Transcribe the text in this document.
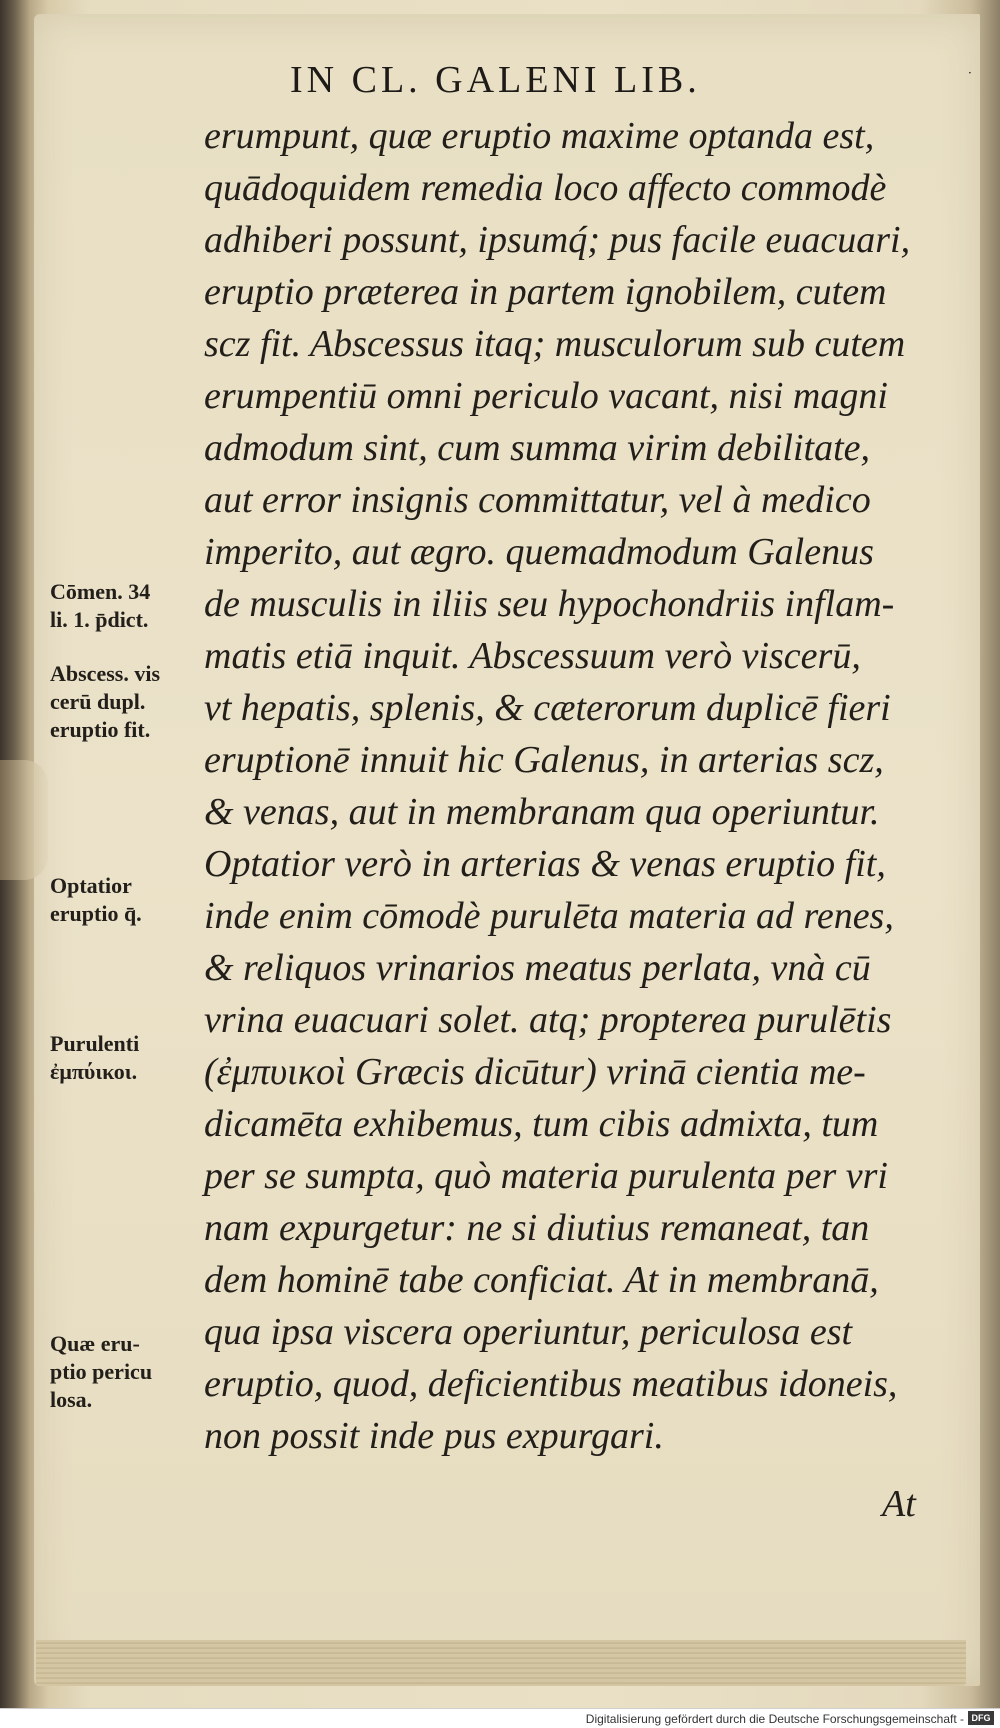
IN CL. GALENI LIB.	·
erumpunt, quæ eruptio maxime optanda est,
quādoquidem remedia loco affecto commodè
adhiberi possunt, ipsumq́; pus facile euacuari,
eruptio præterea in partem ignobilem, cutem
scz fit. Abscessus itaq; musculorum sub cutem
erumpentiū omni periculo vacant, nisi magni
admodum sint, cum summa virim debilitate,
aut error insignis committatur, vel à medico
imperito, aut ægro. quemadmodum Galenus
de musculis in iliis seu hypochondriis inflam-
matis etiā inquit. Abscessuum verò viscerū,
vt hepatis, splenis, & cæterorum duplicē fieri
eruptionē innuit hic Galenus, in arterias scz,
& venas, aut in membranam qua operiuntur.
Optatior verò in arterias & venas eruptio fit,
inde enim cōmodè purulēta materia ad renes,
& reliquos vrinarios meatus perlata, vnà cū
vrina euacuari solet. atq; propterea purulētis
(ἐμπυικοὶ Græcis dicūtur) vrinā cientia me-
dicamēta exhibemus, tum cibis admixta, tum
per se sumpta, quò materia purulenta per vri
nam expurgetur: ne si diutius remaneat, tan
dem hominē tabe conficiat. At in membranā,
qua ipsa viscera operiuntur, periculosa est
eruptio, quod, deficientibus meatibus idoneis,
non possit inde pus expurgari.
At
Cōmen. 34
li. 1. p̄dict.
Abscess. vis
cerū dupl.
eruptio fit.
Optatior
eruptio q̄.
Purulenti
ἐμπύικοι.
Quæ eru-
ptio pericu
losa.
Digitalisierung gefördert durch die Deutsche Forschungsgemeinschaft - DFG
